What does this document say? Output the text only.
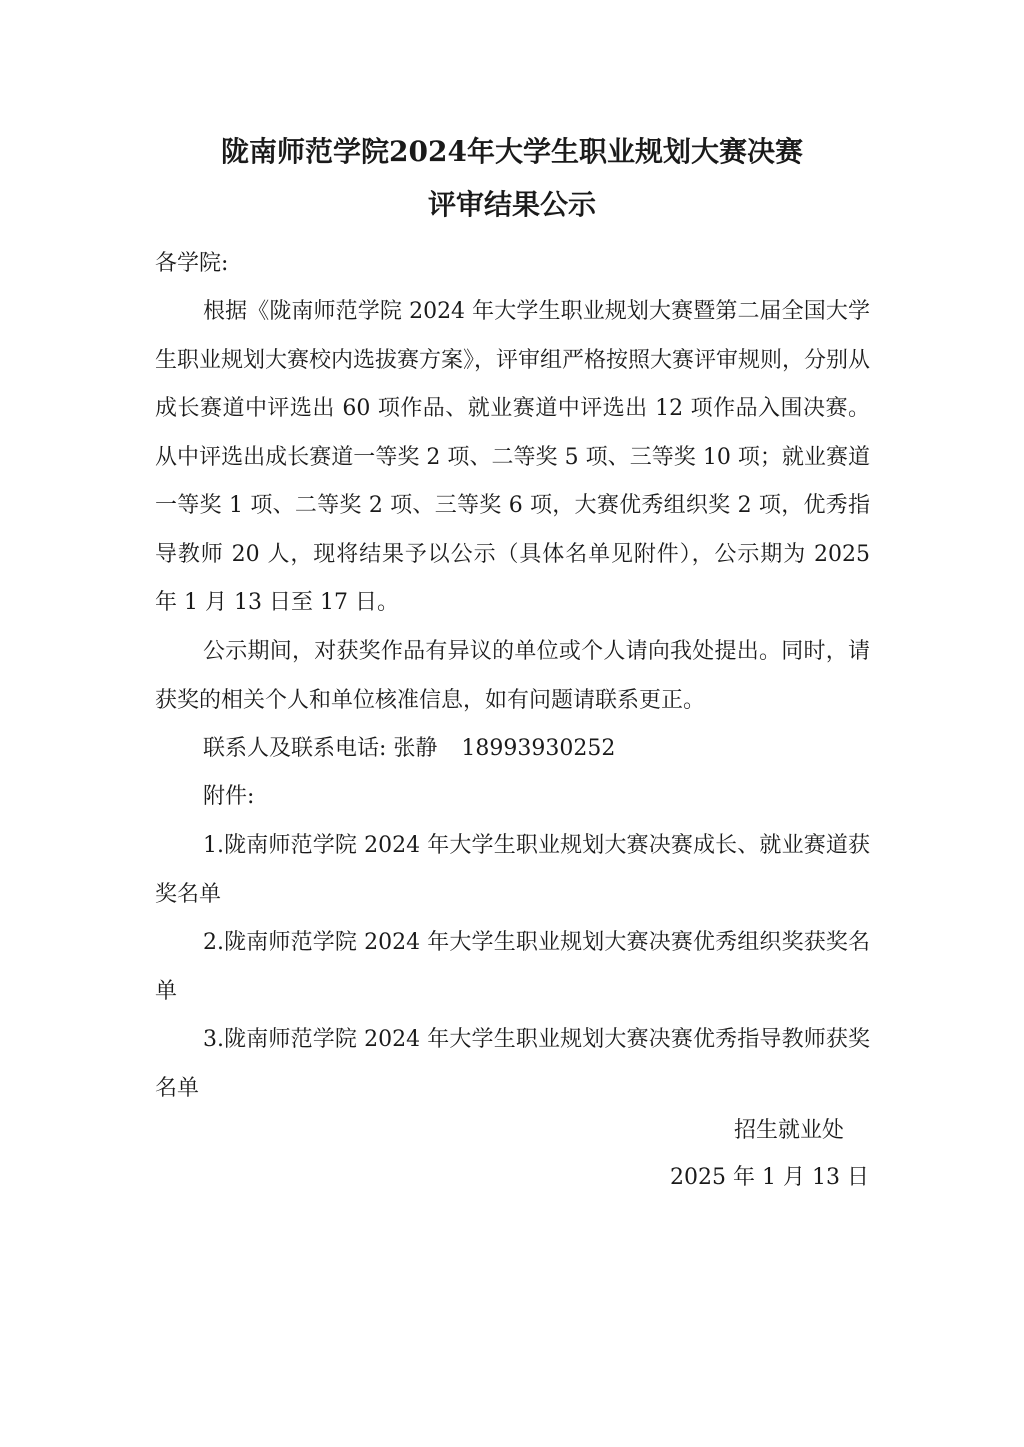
陇南师范学院2024年大学生职业规划大赛决赛
评审结果公示
各学院:
根据《陇南师范学院 2024 年大学生职业规划大赛暨第二届全国大学生职业规划大赛校内选拔赛方案》，评审组严格按照大赛评审规则，分别从成长赛道中评选出 60 项作品、就业赛道中评选出 12 项作品入围决赛。从中评选出成长赛道一等奖 2 项、二等奖 5 项、三等奖 10 项；就业赛道一等奖 1 项、二等奖 2 项、三等奖 6 项，大赛优秀组织奖 2 项，优秀指导教师 20 人，现将结果予以公示（具体名单见附件），公示期为 2025 年 1 月 13 日至 17 日。
公示期间，对获奖作品有异议的单位或个人请向我处提出。同时，请获奖的相关个人和单位核准信息，如有问题请联系更正。
联系人及联系电话: 张静 18993930252
附件:
1.陇南师范学院 2024 年大学生职业规划大赛决赛成长、就业赛道获奖名单
2.陇南师范学院 2024 年大学生职业规划大赛决赛优秀组织奖获奖名单
3.陇南师范学院 2024 年大学生职业规划大赛决赛优秀指导教师获奖名单
招生就业处
2025 年 1 月 13 日
